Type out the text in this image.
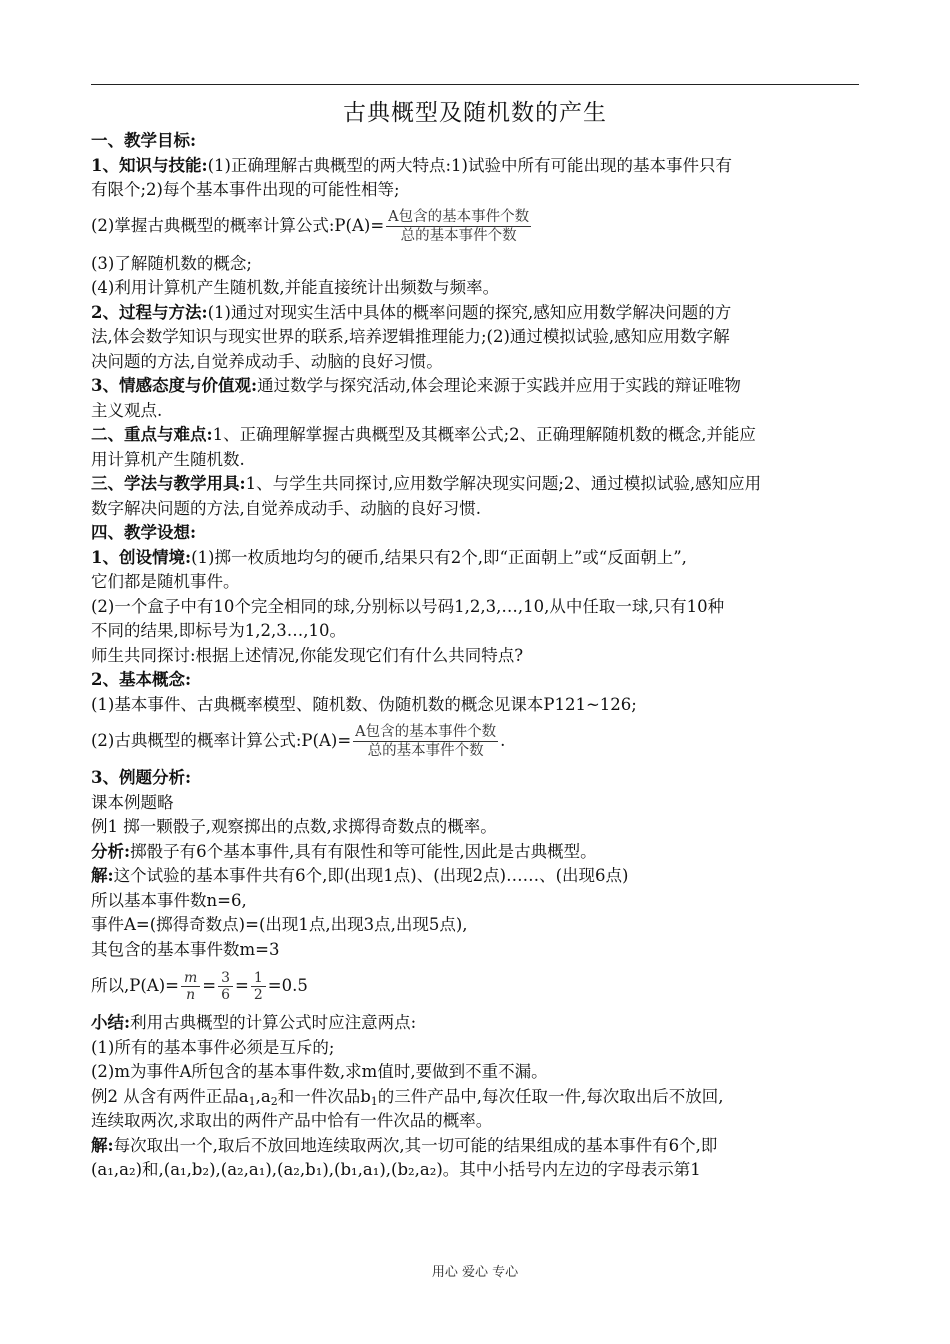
古典概型及随机数的产生

一、教学目标:

1、知识与技能:(1)正确理解古典概型的两大特点:1)试验中所有可能出现的基本事件只有

有限个;2)每个基本事件出现的可能性相等;

(2)掌握古典概型的概率计算公式:P(A)= $\frac{\text{A包含的基本事件个数}}{\text{总的基本事件个数}}$

(3)了解随机数的概念;

(4)利用计算机产生随机数,并能直接统计出频数与频率。

2、过程与方法:(1)通过对现实生活中具体的概率问题的探究,感知应用数学解决问题的方

法,体会数学知识与现实世界的联系,培养逻辑推理能力;(2)通过模拟试验,感知应用数字解

决问题的方法,自觉养成动手、动脑的良好习惯。

3、情感态度与价值观:通过数学与探究活动,体会理论来源于实践并应用于实践的辩证唯物

主义观点.

二、重点与难点:1、正确理解掌握古典概型及其概率公式;2、正确理解随机数的概念,并能应

用计算机产生随机数.

三、学法与教学用具:1、与学生共同探讨,应用数学解决现实问题;2、通过模拟试验,感知应用

数字解决问题的方法,自觉养成动手、动脑的良好习惯.

四、教学设想:

1、创设情境:(1)掷一枚质地均匀的硬币,结果只有2个,即“正面朝上”或“反面朝上”,

它们都是随机事件。

(2)一个盒子中有10个完全相同的球,分别标以号码1,2,3,…,10,从中任取一球,只有10种

不同的结果,即标号为1,2,3…,10。

师生共同探讨:根据上述情况,你能发现它们有什么共同特点?

2、基本概念:

(1)基本事件、古典概率模型、随机数、伪随机数的概念见课本P121~126;

(2)古典概型的概率计算公式:P(A)= $\frac{\text{A包含的基本事件个数}}{\text{总的基本事件个数}}$ .

3、例题分析:

课本例题略

例1 掷一颗骰子,观察掷出的点数,求掷得奇数点的概率。

分析:掷骰子有6个基本事件,具有有限性和等可能性,因此是古典概型。

解:这个试验的基本事件共有6个,即(出现1点)、(出现2点)……、(出现6点)

所以基本事件数n=6,

事件A=(掷得奇数点)=(出现1点,出现3点,出现5点),

其包含的基本事件数m=3

所以$,P(A)= \frac{m}{n} = \frac{3}{6} = \frac{1}{2} =0.5$

小结:利用古典概型的计算公式时应注意两点:

(1)所有的基本事件必须是互斥的;

(2)m为事件A所包含的基本事件数,求m值时,要做到不重不漏。

例2 从含有两件正品$a_1,a_2$和一件次品$b_1$的三件产品中,每次任取一件,每次取出后不放回,

连续取两次,求取出的两件产品中恰有一件次品的概率。

解:每次取出一个,取后不放回地连续取两次,其一切可能的结果组成的基本事件有6个,即

(a₁,a₂)和,(a₁,b₂),(a₂,a₁),(a₂,b₁),(b₁,a₁),(b₂,a₂)。其中小括号内左边的字母表示第1

用心 爱心 专心
